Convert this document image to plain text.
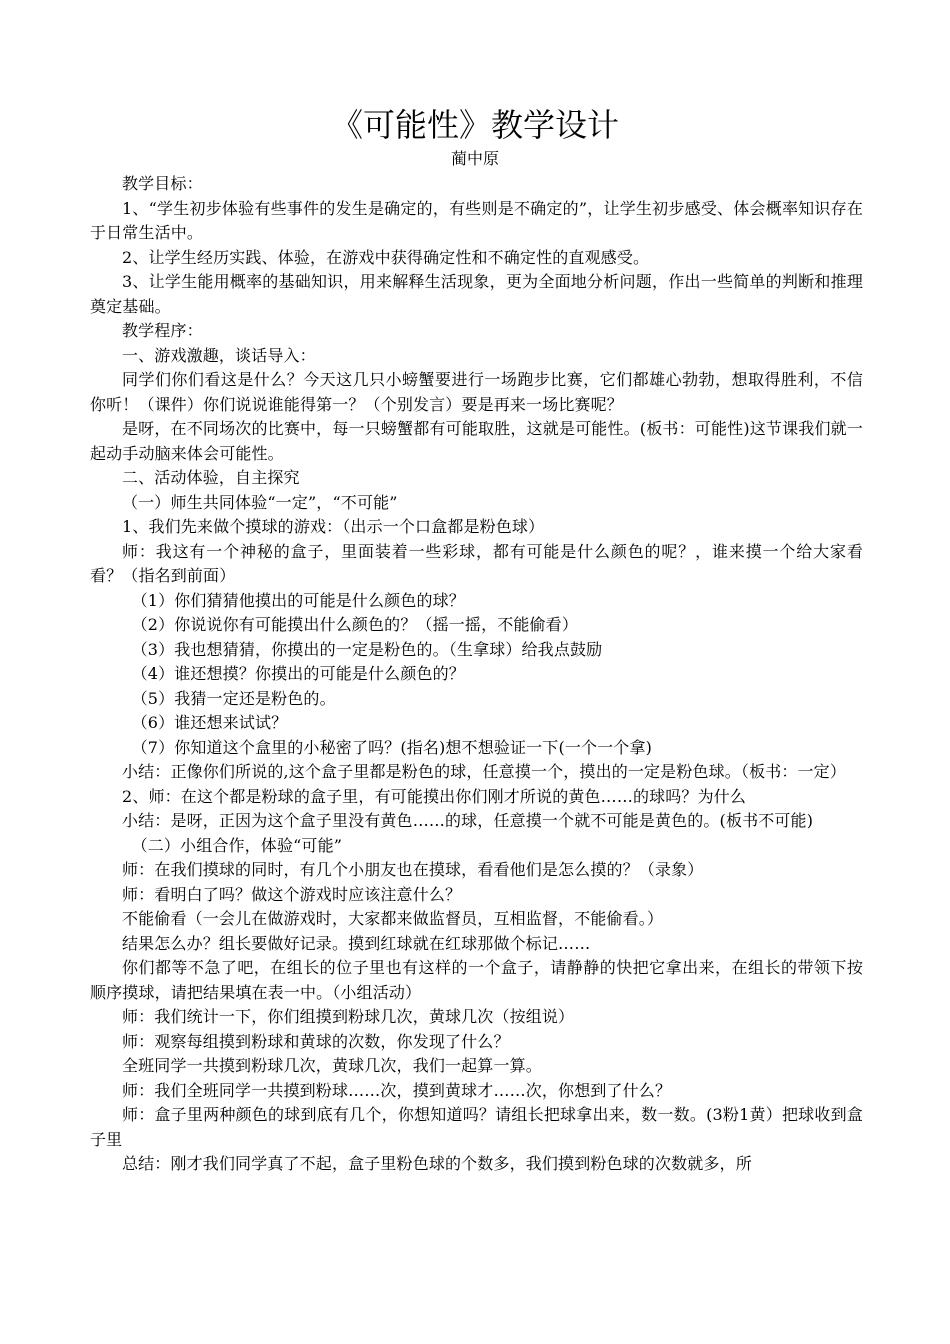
《可能性》教学设计
蔺中原

教学目标：

1、“学生初步体验有些事件的发生是确定的，有些则是不确定的”，让学生初步感受、体会概率知识存在于日常生活中。

2、让学生经历实践、体验，在游戏中获得确定性和不确定性的直观感受。

3、让学生能用概率的基础知识，用来解释生活现象，更为全面地分析问题，作出一些简单的判断和推理奠定基础。

教学程序：

一、游戏激趣，谈话导入：

同学们你们看这是什么？今天这几只小螃蟹要进行一场跑步比赛，它们都雄心勃勃，想取得胜利，不信你听！（课件）你们说说谁能得第一？（个别发言）要是再来一场比赛呢？

是呀，在不同场次的比赛中，每一只螃蟹都有可能取胜，这就是可能性。(板书：可能性)这节课我们就一起动手动脑来体会可能性。

二、活动体验，自主探究

（一）师生共同体验“一定”，“不可能”

1、我们先来做个摸球的游戏：（出示一个口盒都是粉色球）

师：我这有一个神秘的盒子，里面装着一些彩球，都有可能是什么颜色的呢？，谁来摸一个给大家看看？（指名到前面）

（1）你们猜猜他摸出的可能是什么颜色的球？

（2）你说说你有可能摸出什么颜色的？（摇一摇，不能偷看）

（3）我也想猜猜，你摸出的一定是粉色的。（生拿球）给我点鼓励

（4）谁还想摸？你摸出的可能是什么颜色的？

（5）我猜一定还是粉色的。

（6）谁还想来试试？

（7）你知道这个盒里的小秘密了吗？(指名)想不想验证一下(一个一个拿)

小结：正像你们所说的,这个盒子里都是粉色的球，任意摸一个，摸出的一定是粉色球。（板书：一定）

2、师：在这个都是粉球的盒子里，有可能摸出你们刚才所说的黄色……的球吗？为什么

小结：是呀，正因为这个盒子里没有黄色……的球，任意摸一个就不可能是黄色的。(板书不可能)

（二）小组合作，体验“可能”

师：在我们摸球的同时，有几个小朋友也在摸球，看看他们是怎么摸的？（录象）

师：看明白了吗？做这个游戏时应该注意什么？

不能偷看（一会儿在做游戏时，大家都来做监督员，互相监督，不能偷看。）

结果怎么办？组长要做好记录。摸到红球就在红球那做个标记……

你们都等不急了吧，在组长的位子里也有这样的一个盒子，请静静的快把它拿出来，在组长的带领下按顺序摸球，请把结果填在表一中。（小组活动）

师：我们统计一下，你们组摸到粉球几次，黄球几次（按组说）

师：观察每组摸到粉球和黄球的次数，你发现了什么？

全班同学一共摸到粉球几次，黄球几次，我们一起算一算。

师：我们全班同学一共摸到粉球……次，摸到黄球才……次，你想到了什么？

师：盒子里两种颜色的球到底有几个，你想知道吗？请组长把球拿出来，数一数。(3粉1黄）把球收到盒子里

总结：刚才我们同学真了不起，盒子里粉色球的个数多，我们摸到粉色球的次数就多，所
